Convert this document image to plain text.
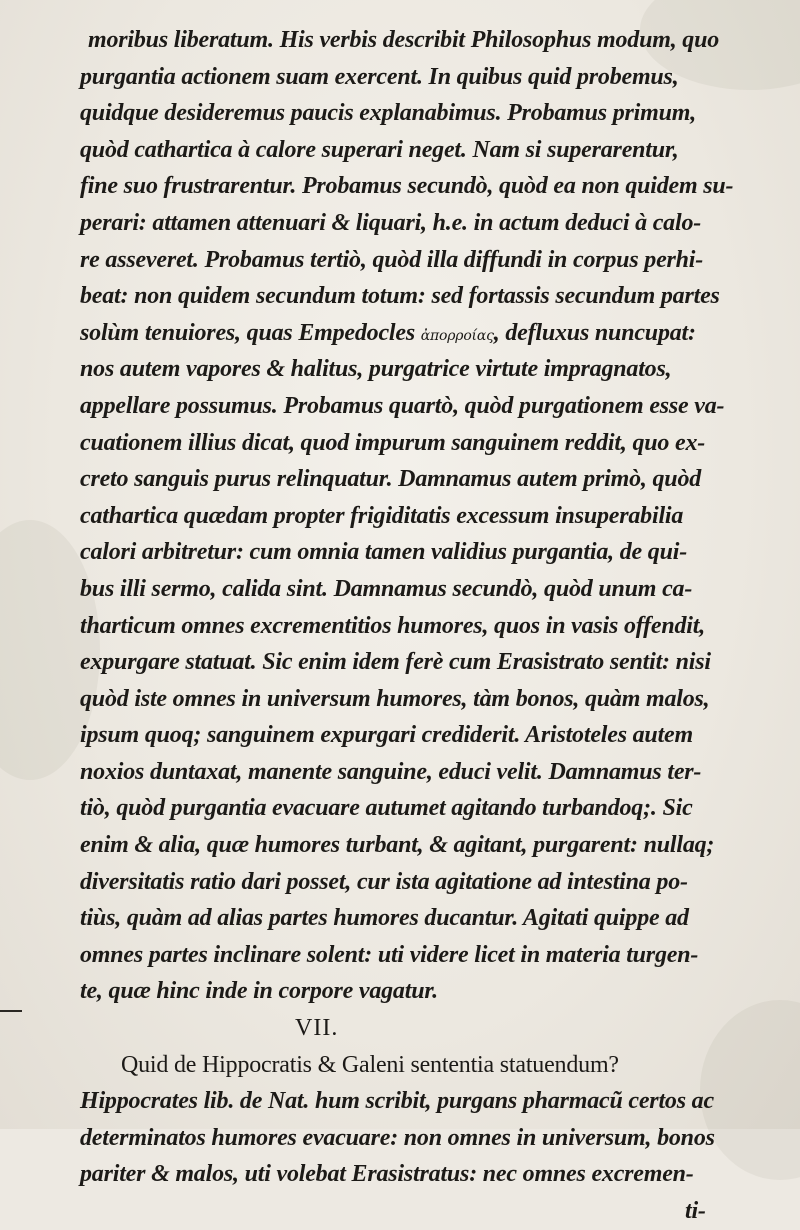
moribus liberatum. His verbis describit Philosophus modum, quo
purgantia actionem suam exercent. In quibus quid probemus,
quidque desideremus paucis explanabimus. Probamus primum,
quòd cathartica à calore superari neget. Nam si superarentur,
fine suo frustrarentur. Probamus secundò, quòd ea non quidem su-
perari: attamen attenuari & liquari, h.e. in actum deduci à calo-
re asseveret. Probamus tertiò, quòd illa diffundi in corpus perhi-
beat: non quidem secundum totum: sed fortassis secundum partes
solùm tenuiores, quas Empedocles ἀπορροίας, defluxus nuncupat:
nos autem vapores & halitus, purgatrice virtute impragnatos,
appellare possumus. Probamus quartò, quòd purgationem esse va-
cuationem illius dicat, quod impurum sanguinem reddit, quo ex-
creto sanguis purus relinquatur. Damnamus autem primò, quòd
cathartica quædam propter frigiditatis excessum insuperabilia
calori arbitretur: cum omnia tamen validius purgantia, de qui-
bus illi sermo, calida sint. Damnamus secundò, quòd unum ca-
tharticum omnes excrementitios humores, quos in vasis offendit,
expurgare statuat. Sic enim idem ferè cum Erasistrato sentit: nisi
quòd iste omnes in universum humores, tàm bonos, quàm malos,
ipsum quoq; sanguinem expurgari crediderit. Aristoteles autem
noxios duntaxat, manente sanguine, educi velit. Damnamus ter-
tiò, quòd purgantia evacuare autumet agitando turbandoq;. Sic
enim & alia, quæ humores turbant, & agitant, purgarent: nullaq;
diversitatis ratio dari posset, cur ista agitatione ad intestina po-
tiùs, quàm ad alias partes humores ducantur. Agitati quippe ad
omnes partes inclinare solent: uti videre licet in materia turgen-
te, quæ hinc inde in corpore vagatur.
VII.
Quid de Hippocratis & Galeni sententia statuendum?
Hippocrates lib. de Nat. hum scribit, purgans pharmacũ certos ac
determinatos humores evacuare: non omnes in universum, bonos
pariter & malos, uti volebat Erasistratus: nec omnes excremen-
ti-
